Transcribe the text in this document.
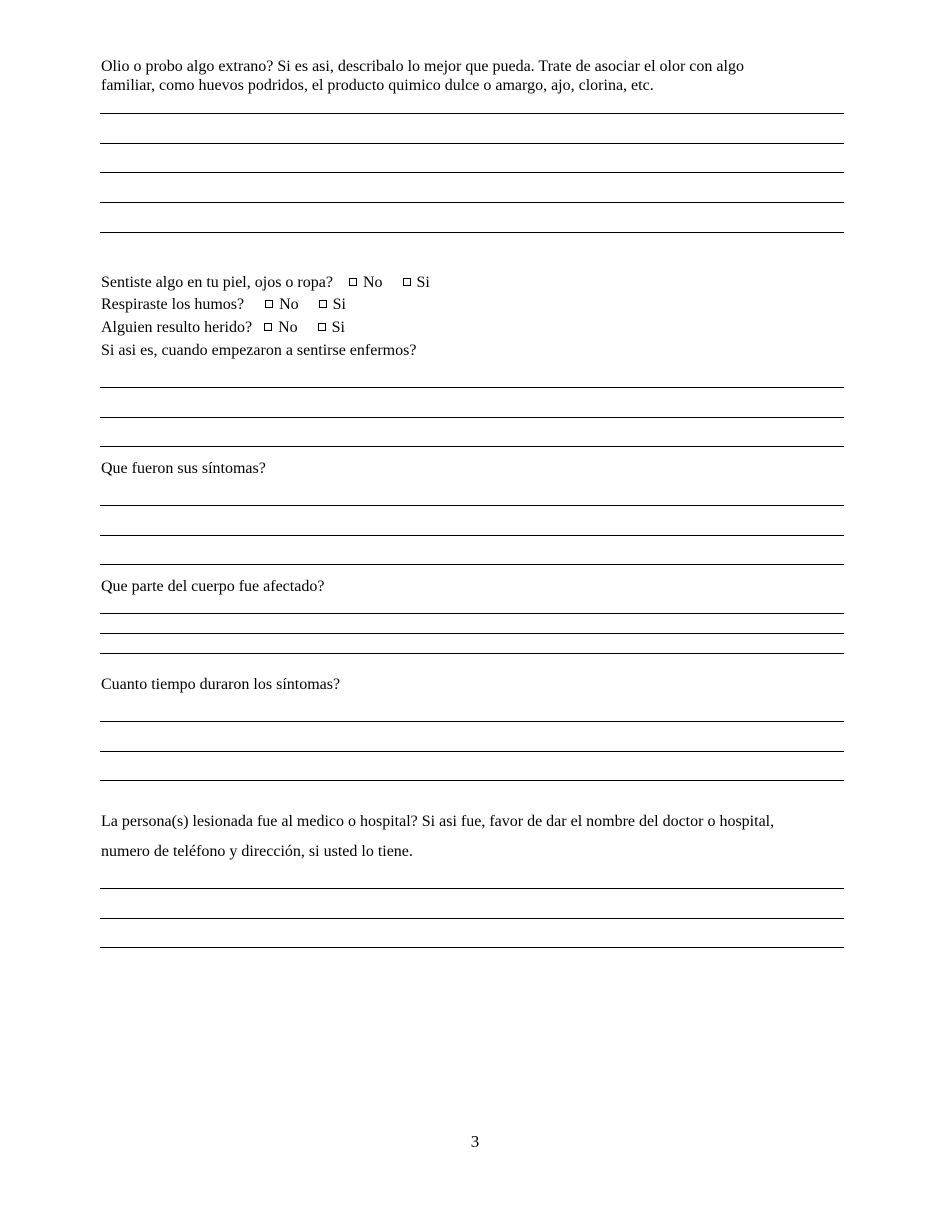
Olio o probo algo extrano? Si es asi, describalo lo mejor que pueda. Trate de asociar el olor con algo
familiar, como huevos podridos, el producto quimico dulce o amargo, ajo, clorina, etc.
Sentiste algo en tu piel, ojos o ropa? No Si
Respiraste los humos? No Si
Alguien resulto herido? No Si
Si asi es, cuando empezaron a sentirse enfermos?
Que fueron sus síntomas?
Que parte del cuerpo fue afectado?
Cuanto tiempo duraron los síntomas?
La persona(s) lesionada fue al medico o hospital? Si asi fue, favor de dar el nombre del doctor o hospital,
numero de teléfono y dirección, si usted lo tiene.
3
